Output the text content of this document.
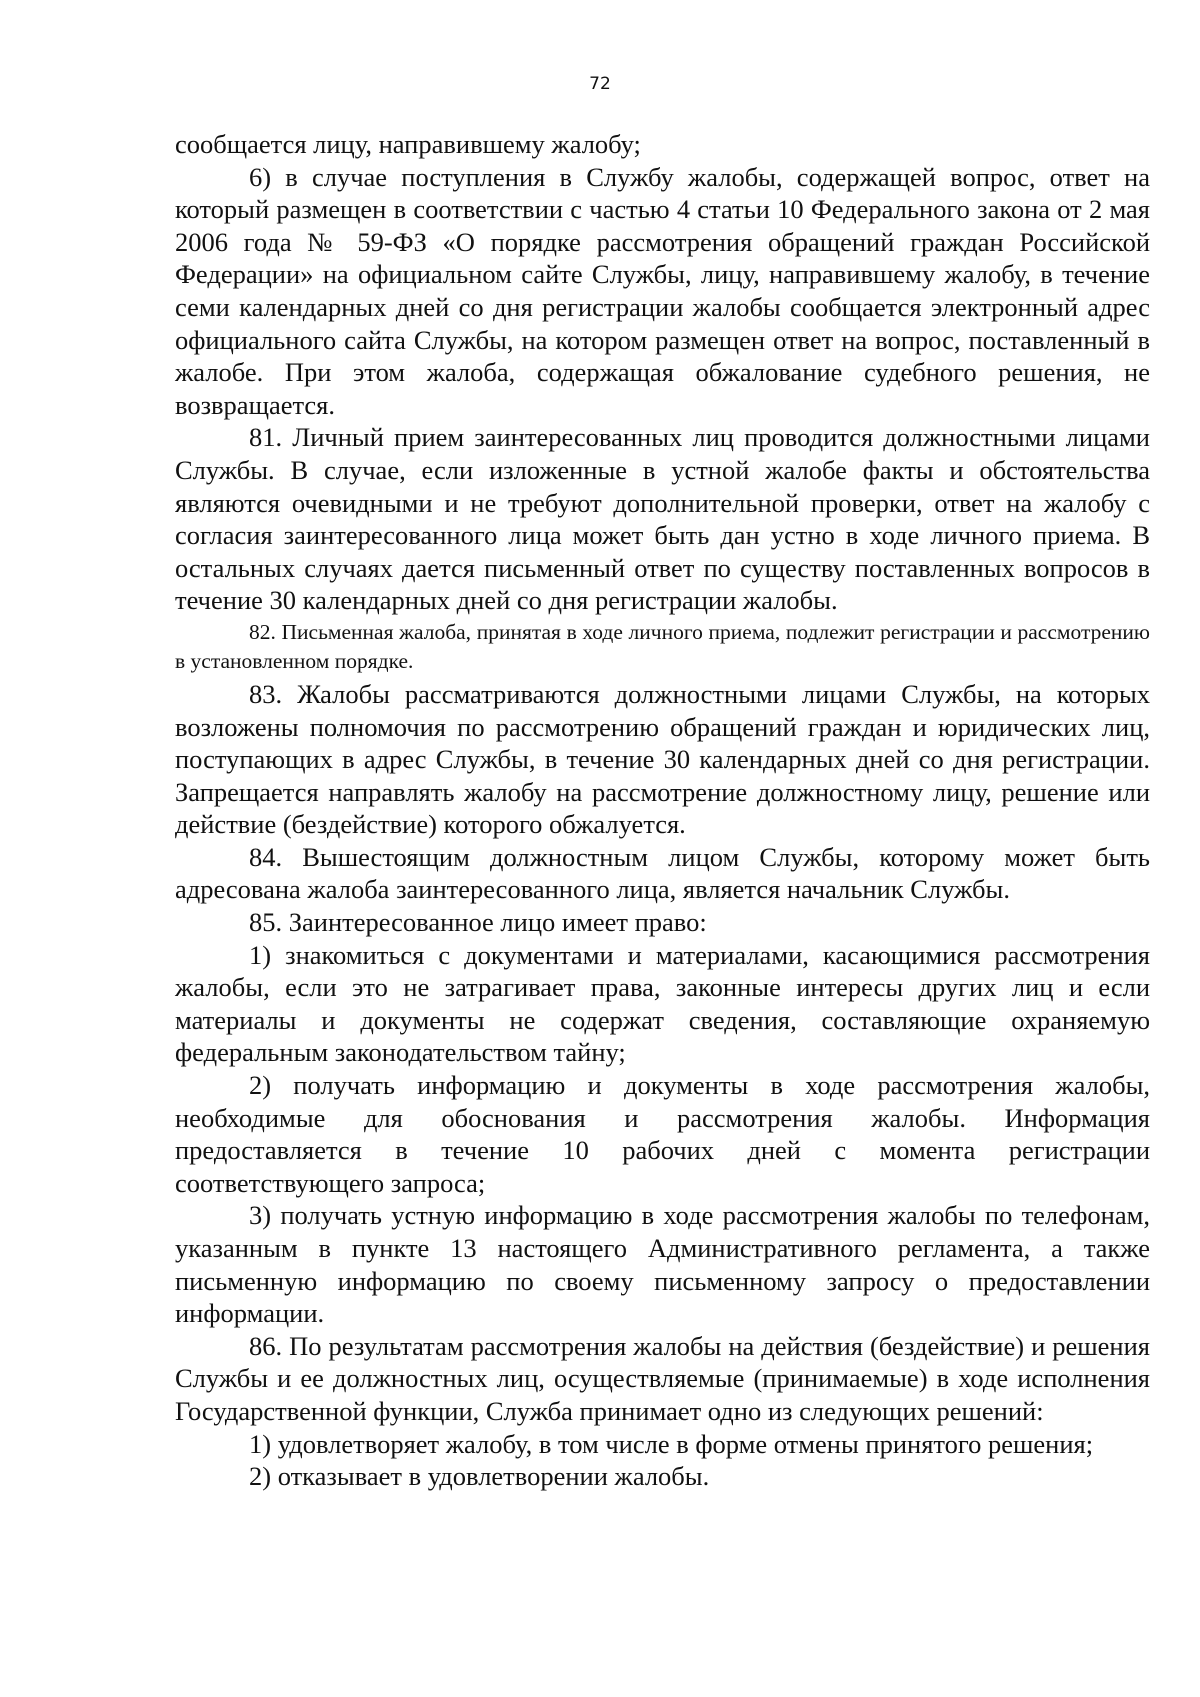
72

сообщается лицу, направившему жалобу;

6) в случае поступления в Службу жалобы, содержащей вопрос, ответ на который размещен в соответствии с частью 4 статьи 10 Федерального закона от 2 мая 2006 года № 59-ФЗ «О порядке рассмотрения обращений граждан Российской Федерации» на официальном сайте Службы, лицу, направившему жалобу, в течение семи календарных дней со дня регистрации жалобы сообщается электронный адрес официального сайта Службы, на котором размещен ответ на вопрос, поставленный в жалобе. При этом жалоба, содержащая обжалование судебного решения, не возвращается.

81. Личный прием заинтересованных лиц проводится должностными лицами Службы. В случае, если изложенные в устной жалобе факты и обстоятельства являются очевидными и не требуют дополнительной проверки, ответ на жалобу с согласия заинтересованного лица может быть дан устно в ходе личного приема. В остальных случаях дается письменный ответ по существу поставленных вопросов в течение 30 календарных дней со дня регистрации жалобы.

82. Письменная жалоба, принятая в ходе личного приема, подлежит регистрации и рассмотрению в установленном порядке.

83. Жалобы рассматриваются должностными лицами Службы, на которых возложены полномочия по рассмотрению обращений граждан и юридических лиц, поступающих в адрес Службы, в течение 30 календарных дней со дня регистрации. Запрещается направлять жалобу на рассмотрение должностному лицу, решение или действие (бездействие) которого обжалуется.

84. Вышестоящим должностным лицом Службы, которому может быть адресована жалоба заинтересованного лица, является начальник Службы.

85. Заинтересованное лицо имеет право:

1) знакомиться с документами и материалами, касающимися рассмотрения жалобы, если это не затрагивает права, законные интересы других лиц и если материалы и документы не содержат сведения, составляющие охраняемую федеральным законодательством тайну;

2) получать информацию и документы в ходе рассмотрения жалобы, необходимые для обоснования и рассмотрения жалобы. Информация предоставляется в течение 10 рабочих дней с момента регистрации соответствующего запроса;

3) получать устную информацию в ходе рассмотрения жалобы по телефонам, указанным в пункте 13 настоящего Административного регламента, а также письменную информацию по своему письменному запросу о предоставлении информации.

86. По результатам рассмотрения жалобы на действия (бездействие) и решения Службы и ее должностных лиц, осуществляемые (принимаемые) в ходе исполнения Государственной функции, Служба принимает одно из следующих решений:

1) удовлетворяет жалобу, в том числе в форме отмены принятого решения;

2) отказывает в удовлетворении жалобы.
